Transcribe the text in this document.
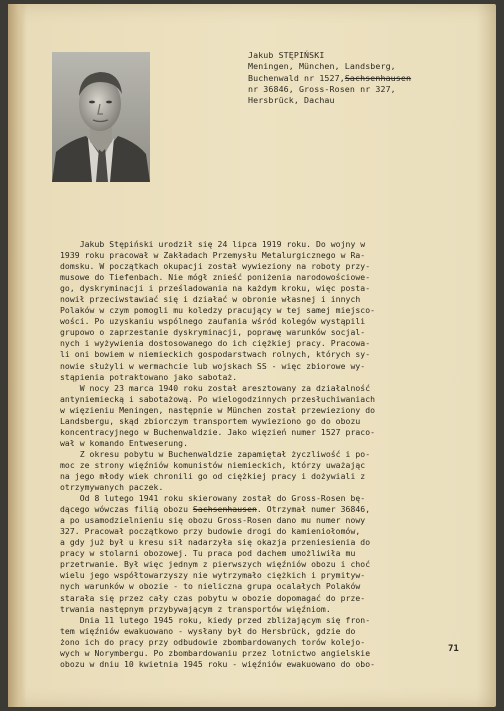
Jakub STĘPIŃSKI
Meningen, München, Landsberg,
Buchenwald nr 1527,Sachsenhausen
nr 36846, Gross-Rosen nr 327,
Hersbrück, Dachau
Jakub Stępiński urodził się 24 lipca 1919 roku. Do wojny w
1939 roku pracował w Zakładach Przemysłu Metalurgicznego w Ra-
domsku. W początkach okupacji został wywieziony na roboty przy-
musowe do Tiefenbach. Nie mógł znieść poniżenia narodowościowe-
go, dyskryminacji i prześladowania na każdym kroku, więc posta-
nowił przeciwstawiać się i działać w obronie własnej i innych
Polaków w czym pomogli mu koledzy pracujący w tej samej miejsco-
wości. Po uzyskaniu wspólnego zaufania wśród kolegów wystąpili
grupowo o zaprzestanie dyskryminacji, poprawę warunków socjal-
nych i wyżywienia dostosowanego do ich ciężkiej pracy. Pracowa-
li oni bowiem w niemieckich gospodarstwach rolnych, których sy-
nowie służyli w wermachcie lub wojskach SS - więc zbiorowe wy-
stąpienia potraktowano jako sabotaż.
W nocy 23 marca 1940 roku został aresztowany za działalność
antyniemiecką i sabotażową. Po wielogodzinnych przesłuchiwaniach
w więzieniu Meningen, następnie w München został przewieziony do
Landsbergu, skąd zbiorczym transportem wywieziono go do obozu
koncentracyjnego w Buchenwaldzie. Jako więzień numer 1527 praco-
wał w komando Entweserung.
Z okresu pobytu w Buchenwaldzie zapamiętał życzliwość i po-
moc ze strony więźniów komunistów niemieckich, którzy uważając
na jego młody wiek chronili go od ciężkiej pracy i dożywiali z
otrzymywanych paczek.
Od 8 lutego 1941 roku skierowany został do Gross-Rosen bę-
dącego wówczas filią obozu Sachsenhausen. Otrzymał numer 36846,
a po usamodzielnieniu się obozu Gross-Rosen dano mu numer nowy
327. Pracował początkowo przy budowie drogi do kamieniołomów,
a gdy już był u kresu sił nadarzyła się okazja przeniesienia do
pracy w stolarni obozowej. Tu praca pod dachem umożliwiła mu
przetrwanie. Był więc jednym z pierwszych więźniów obozu i choć
wielu jego współtowarzyszy nie wytrzymało ciężkich i prymityw-
nych warunków w obozie - to nieliczna grupa ocalałych Polaków
starała się przez cały czas pobytu w obozie dopomagać do prze-
trwania następnym przybywającym z transportów więźniom.
Dnia 11 lutego 1945 roku, kiedy przed zbliżającym się fron-
tem więźniów ewakuowano - wysłany był do Hersbrück, gdzie do
żono ich do pracy przy odbudowie zbombardowanych torów kolejo-
wych w Norymbergu. Po zbombardowaniu przez lotnictwo angielskie
obozu w dniu 10 kwietnia 1945 roku - więźniów ewakuowano do obo-
71
